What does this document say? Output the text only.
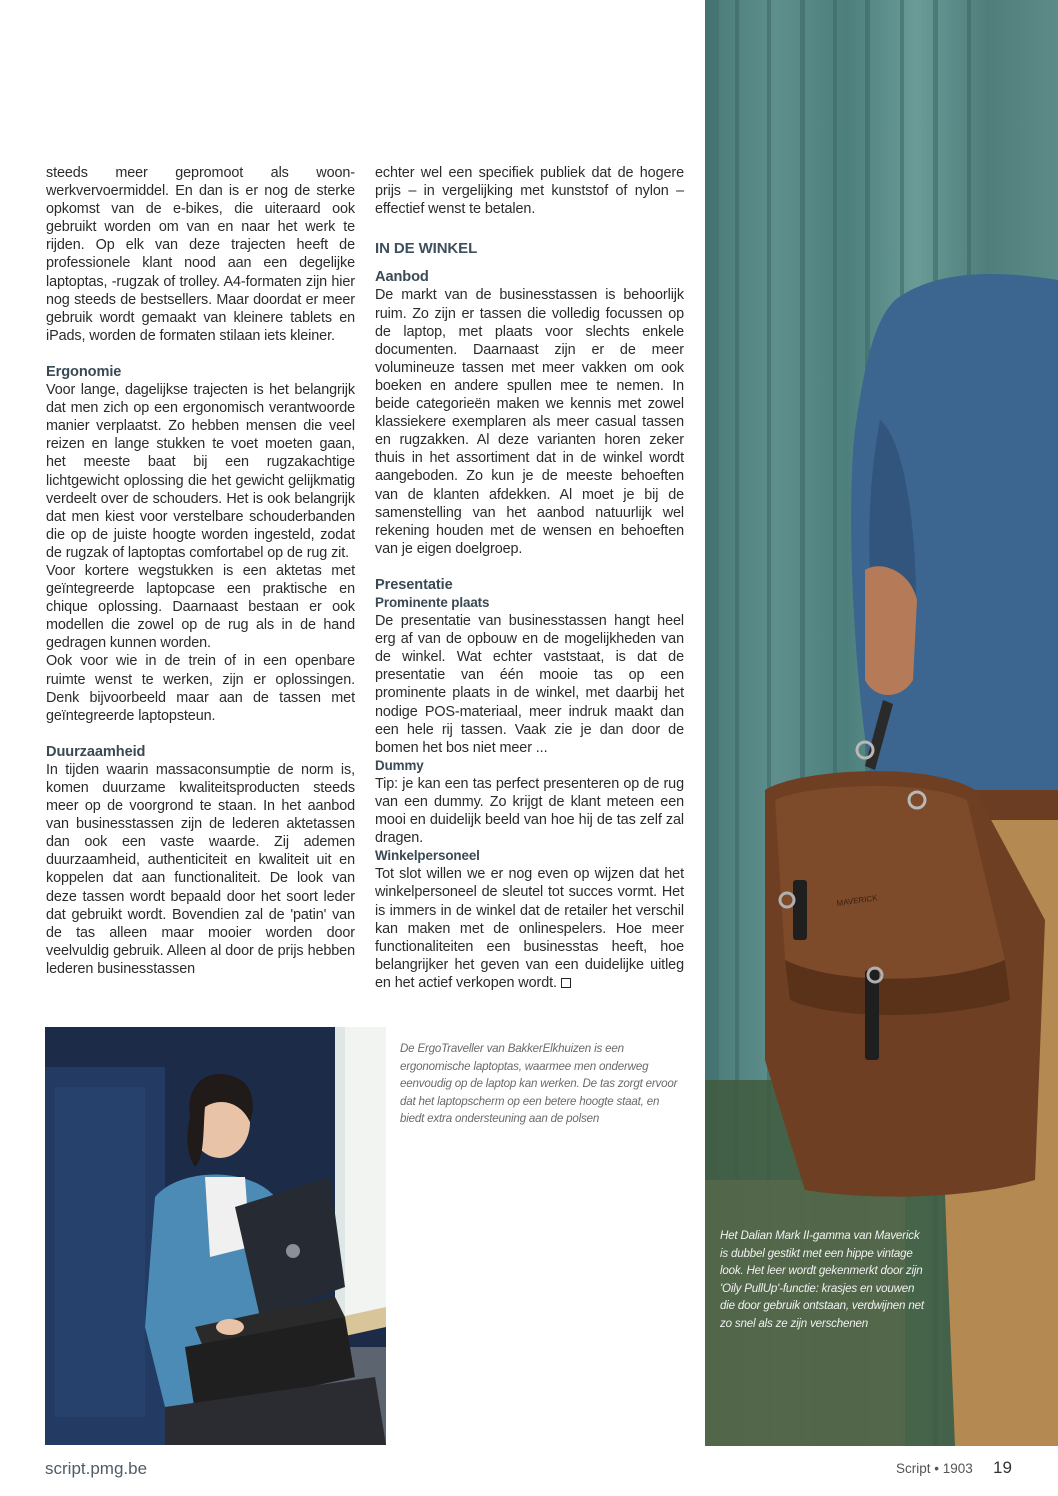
MAVERICK

steeds meer gepromoot als woon-werkvervoermiddel. En dan is er nog de sterke opkomst van de e-bikes, die uiteraard ook gebruikt worden om van en naar het werk te rijden. Op elk van deze trajecten heeft de professionele klant nood aan een degelijke laptoptas, -rugzak of trolley. A4-formaten zijn hier nog steeds de bestsellers. Maar doordat er meer gebruik wordt gemaakt van kleinere tablets en iPads, worden de formaten stilaan iets kleiner.

Ergonomie

Voor lange, dagelijkse trajecten is het belangrijk dat men zich op een ergonomisch verantwoorde manier verplaatst. Zo hebben mensen die veel reizen en lange stukken te voet moeten gaan, het meeste baat bij een rugzakachtige lichtgewicht oplossing die het gewicht gelijkmatig verdeelt over de schouders. Het is ook belangrijk dat men kiest voor verstelbare schouderbanden die op de juiste hoogte worden ingesteld, zodat de rugzak of laptoptas comfortabel op de rug zit.

Voor kortere wegstukken is een aktetas met geïntegreerde laptopcase een praktische en chique oplossing. Daarnaast bestaan er ook modellen die zowel op de rug als in de hand gedragen kunnen worden.

Ook voor wie in de trein of in een openbare ruimte wenst te werken, zijn er oplossingen. Denk bijvoorbeeld maar aan de tassen met geïntegreerde laptopsteun.

Duurzaamheid

In tijden waarin massaconsumptie de norm is, komen duurzame kwaliteitsproducten steeds meer op de voorgrond te staan. In het aanbod van businesstassen zijn de lederen aktetassen dan ook een vaste waarde. Zij ademen duurzaamheid, authenticiteit en kwaliteit uit en koppelen dat aan functionaliteit. De look van deze tassen wordt bepaald door het soort leder dat gebruikt wordt. Bovendien zal de 'patin' van de tas alleen maar mooier worden door veelvuldig gebruik. Alleen al door de prijs hebben lederen businesstassen

echter wel een specifiek publiek dat de hogere prijs – in vergelijking met kunststof of nylon – effectief wenst te betalen.

IN DE WINKEL

Aanbod

De markt van de businesstassen is behoorlijk ruim. Zo zijn er tassen die volledig focussen op de laptop, met plaats voor slechts enkele documenten. Daarnaast zijn er de meer volumineuze tassen met meer vakken om ook boeken en andere spullen mee te nemen. In beide categorieën maken we kennis met zowel klassiekere exemplaren als meer casual tassen en rugzakken. Al deze varianten horen zeker thuis in het assortiment dat in de winkel wordt aangeboden. Zo kun je de meeste behoeften van de klanten afdekken. Al moet je bij de samenstelling van het aanbod natuurlijk wel rekening houden met de wensen en behoeften van je eigen doelgroep.

Presentatie

Prominente plaats

De presentatie van businesstassen hangt heel erg af van de opbouw en de mogelijkheden van de winkel. Wat echter vaststaat, is dat de presentatie van één mooie tas op een prominente plaats in de winkel, met daarbij het nodige POS-materiaal, meer indruk maakt dan een hele rij tassen. Vaak zie je dan door de bomen het bos niet meer ...

Dummy

Tip: je kan een tas perfect presenteren op de rug van een dummy. Zo krijgt de klant meteen een mooi en duidelijk beeld van hoe hij de tas zelf zal dragen.

Winkelpersoneel

Tot slot willen we er nog even op wijzen dat het winkelpersoneel de sleutel tot succes vormt. Het is immers in de winkel dat de retailer het verschil kan maken met de onlinespelers. Hoe meer functionaliteiten een businesstas heeft, hoe belangrijker het geven van een duidelijke uitleg en het actief verkopen wordt.

De ErgoTraveller van BakkerElkhuizen is een ergonomische laptoptas, waarmee men onderweg eenvoudig op de laptop kan werken. De tas zorgt ervoor dat het laptopscherm op een betere hoogte staat, en biedt extra ondersteuning aan de polsen
Het Dalian Mark II-gamma van Maverick is dubbel gestikt met een hippe vintage look. Het leer wordt gekenmerkt door zijn 'Oily PullUp'-functie: krasjes en vouwen die door gebruik ontstaan, verdwijnen net zo snel als ze zijn verschenen
script.pmg.be	Script • 1903 19
